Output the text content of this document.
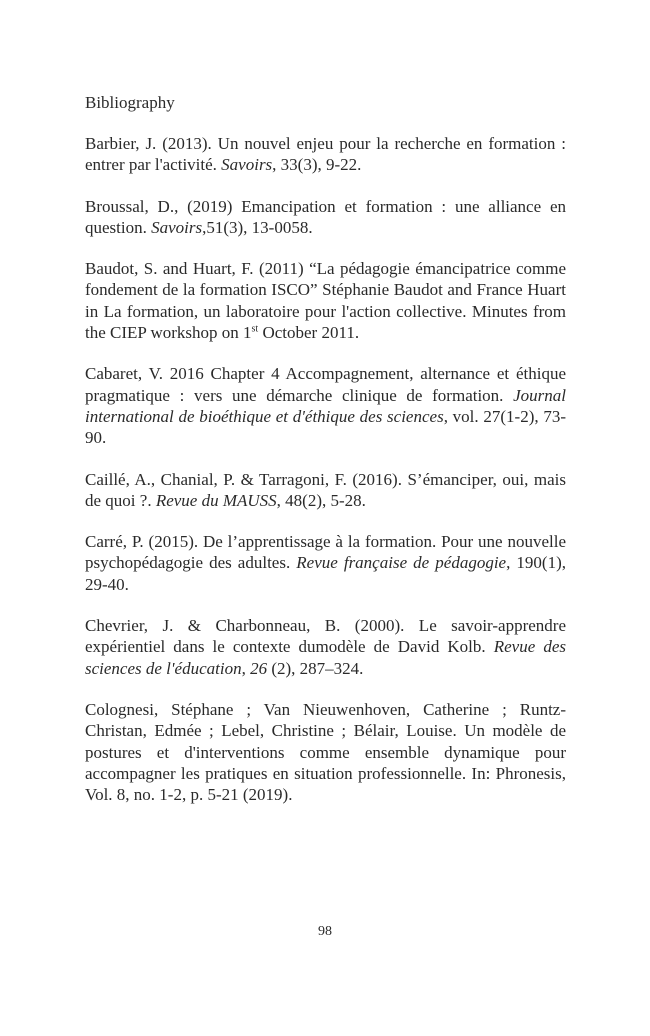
Bibliography

Barbier, J. (2013). Un nouvel enjeu pour la recherche en formation : entrer par l'activité. Savoirs, 33(3), 9-22.

Broussal, D., (2019) Emancipation et formation : une alliance en question. Savoirs,51(3), 13-0058.

Baudot, S. and Huart, F. (2011) “La pédagogie émancipatrice comme fondement de la formation ISCO” Stéphanie Baudot and France Huart in La formation, un laboratoire pour l'action collective. Minutes from the CIEP workshop on 1st October 2011.

Cabaret, V. 2016 Chapter 4 Accompagnement, alternance et éthique pragmatique : vers une démarche clinique de formation. Journal international de bioéthique et d'éthique des sciences, vol. 27(1-2), 73-90.

Caillé, A., Chanial, P. & Tarragoni, F. (2016). S’émanciper, oui, mais de quoi ?. Revue du MAUSS, 48(2), 5-28.

Carré, P. (2015). De l’apprentissage à la formation. Pour une nouvelle psychopédagogie des adultes. Revue française de pédagogie, 190(1), 29-40.

Chevrier, J. & Charbonneau, B. (2000). Le savoir-apprendre expérientiel dans le contexte dumodèle de David Kolb. Revue des sciences de l'éducation, 26 (2), 287–324.

Colognesi, Stéphane ; Van Nieuwenhoven, Catherine ; Runtz-Christan, Edmée ; Lebel, Christine ; Bélair, Louise. Un modèle de postures et d'interventions comme ensemble dynamique pour accompagner les pratiques en situation professionnelle. In: Phronesis, Vol. 8, no. 1-2, p. 5-21 (2019).

98
